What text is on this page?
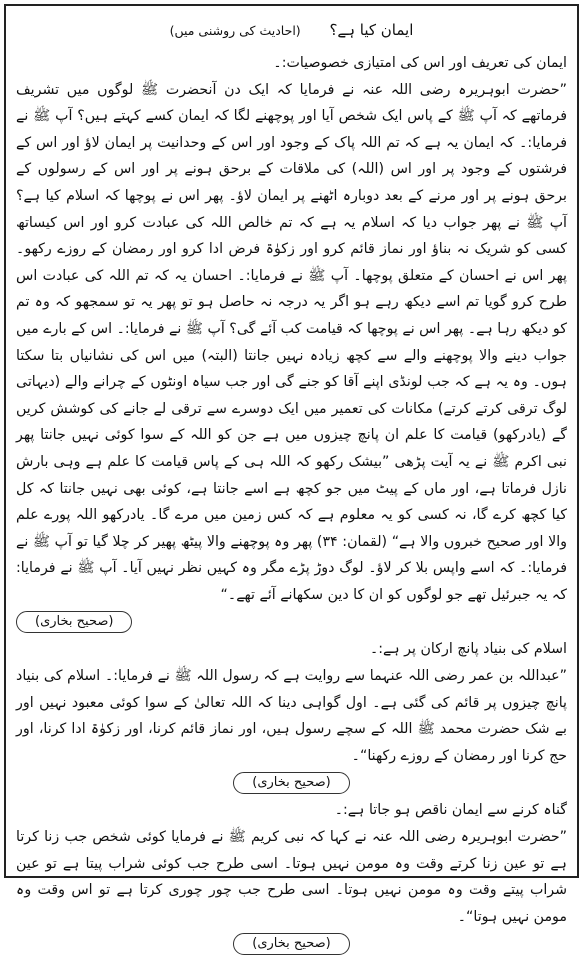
ایمان کیا ہے؟ (احادیث کی روشنی میں)

ایمان کی تعریف اور اس کی امتیازی خصوصیات:۔

”حضرت ابوہریرہ رضی اللہ عنہ نے فرمایا کہ ایک دن آنحضرت ﷺ لوگوں میں تشریف فرماتھے کہ آپ ﷺ کے پاس ایک شخص آیا اور پوچھنے لگا کہ ایمان کسے کہتے ہیں؟ آپ ﷺ نے فرمایا:۔ کہ ایمان یہ ہے کہ تم اللہ پاک کے وجود اور اس کے وحدانیت پر ایمان لاؤ اور اس کے فرشتوں کے وجود پر اور اس (اللہ) کی ملاقات کے برحق ہونے پر اور اس کے رسولوں کے برحق ہونے پر اور مرنے کے بعد دوبارہ اٹھنے پر ایمان لاؤ۔ پھر اس نے پوچھا کہ اسلام کیا ہے؟ آپ ﷺ نے پھر جواب دیا کہ اسلام یہ ہے کہ تم خالص اللہ کی عبادت کرو اور اس کیساتھ کسی کو شریک نہ بناؤ اور نماز قائم کرو اور زکوٰۃ فرض ادا کرو اور رمضان کے روزے رکھو۔ پھر اس نے احسان کے متعلق پوچھا۔ آپ ﷺ نے فرمایا:۔ احسان یہ کہ تم اللہ کی عبادت اس طرح کرو گویا تم اسے دیکھ رہے ہو اگر یہ درجہ نہ حاصل ہو تو پھر یہ تو سمجھو کہ وہ تم کو دیکھ رہا ہے۔ پھر اس نے پوچھا کہ قیامت کب آئے گی؟ آپ ﷺ نے فرمایا:۔ اس کے بارے میں جواب دینے والا پوچھنے والے سے کچھ زیادہ نہیں جانتا (البتہ) میں اس کی نشانیاں بتا سکتا ہوں۔ وہ یہ ہے کہ جب لونڈی اپنے آقا کو جنے گی اور جب سیاہ اونٹوں کے چرانے والے (دیہاتی لوگ ترقی کرتے کرتے) مکانات کی تعمیر میں ایک دوسرے سے ترقی لے جانے کی کوشش کریں گے (یادرکھو) قیامت کا علم ان پانچ چیزوں میں ہے جن کو اللہ کے سوا کوئی نہیں جانتا پھر نبی اکرم ﷺ نے یہ آیت پڑھی ”بیشک رکھو کہ اللہ ہی کے پاس قیامت کا علم ہے وہی بارش نازل فرماتا ہے، اور ماں کے پیٹ میں جو کچھ ہے اسے جانتا ہے، کوئی بھی نہیں جانتا کہ کل کیا کچھ کرے گا، نہ کسی کو یہ معلوم ہے کہ کس زمین میں مرے گا۔ یادرکھو اللہ پورے علم والا اور صحیح خبروں والا ہے“ (لقمان: ۳۴) پھر وہ پوچھنے والا پیٹھ پھیر کر چلا گیا تو آپ ﷺ نے فرمایا:۔ کہ اسے واپس بلا کر لاؤ۔ لوگ دوڑ پڑے مگر وہ کہیں نظر نہیں آیا۔ آپ ﷺ نے فرمایا: کہ یہ جبرئیل تھے جو لوگوں کو ان کا دین سکھانے آئے تھے۔“

(صحیح بخاری)

اسلام کی بنیاد پانچ ارکان پر ہے:۔

”عبداللہ بن عمر رضی اللہ عنہما سے روایت ہے کہ رسول اللہ ﷺ نے فرمایا:۔ اسلام کی بنیاد پانچ چیزوں پر قائم کی گئی ہے۔ اول گواہی دینا کہ اللہ تعالیٰ کے سوا کوئی معبود نہیں اور بے شک حضرت محمد ﷺ اللہ کے سچے رسول ہیں، اور نماز قائم کرنا، اور زکوٰۃ ادا کرنا، اور حج کرنا اور رمضان کے روزے رکھنا“۔

(صحیح بخاری)

گناہ کرنے سے ایمان ناقص ہو جاتا ہے:۔

”حضرت ابوہریرہ رضی اللہ عنہ نے کہا کہ نبی کریم ﷺ نے فرمایا کوئی شخص جب زنا کرتا ہے تو عین زنا کرتے وقت وہ مومن نہیں ہوتا۔ اسی طرح جب کوئی شراب پیتا ہے تو عین شراب پیتے وقت وہ مومن نہیں ہوتا۔ اسی طرح جب چور چوری کرتا ہے تو اس وقت وہ مومن نہیں ہوتا“۔

(صحیح بخاری)
